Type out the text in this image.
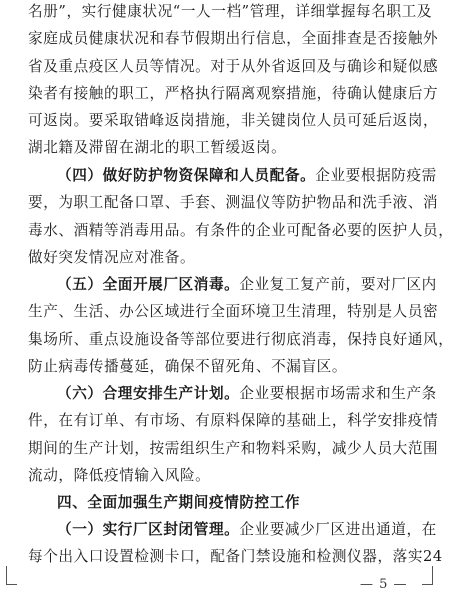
名册”，实行健康状况“一人一档”管理，详细掌握每名职工及
家庭成员健康状况和春节假期出行信息，全面排查是否接触外
省及重点疫区人员等情况。对于从外省返回及与确诊和疑似感
染者有接触的职工，严格执行隔离观察措施，待确认健康后方
可返岗。要采取错峰返岗措施，非关键岗位人员可延后返岗，
湖北籍及滞留在湖北的职工暂缓返岗。
（四）做好防护物资保障和人员配备。企业要根据防疫需
要，为职工配备口罩、手套、测温仪等防护物品和洗手液、消
毒水、酒精等消毒用品。有条件的企业可配备必要的医护人员，
做好突发情况应对准备。
（五）全面开展厂区消毒。企业复工复产前，要对厂区内
生产、生活、办公区域进行全面环境卫生清理，特别是人员密
集场所、重点设施设备等部位要进行彻底消毒，保持良好通风，
防止病毒传播蔓延，确保不留死角、不漏盲区。
（六）合理安排生产计划。企业要根据市场需求和生产条
件，在有订单、有市场、有原料保障的基础上，科学安排疫情
期间的生产计划，按需组织生产和物料采购，减少人员大范围
流动，降低疫情输入风险。
四、全面加强生产期间疫情防控工作
（一）实行厂区封闭管理。企业要减少厂区进出通道，在
每个出入口设置检测卡口，配备门禁设施和检测仪器，落实24
— 5 —
